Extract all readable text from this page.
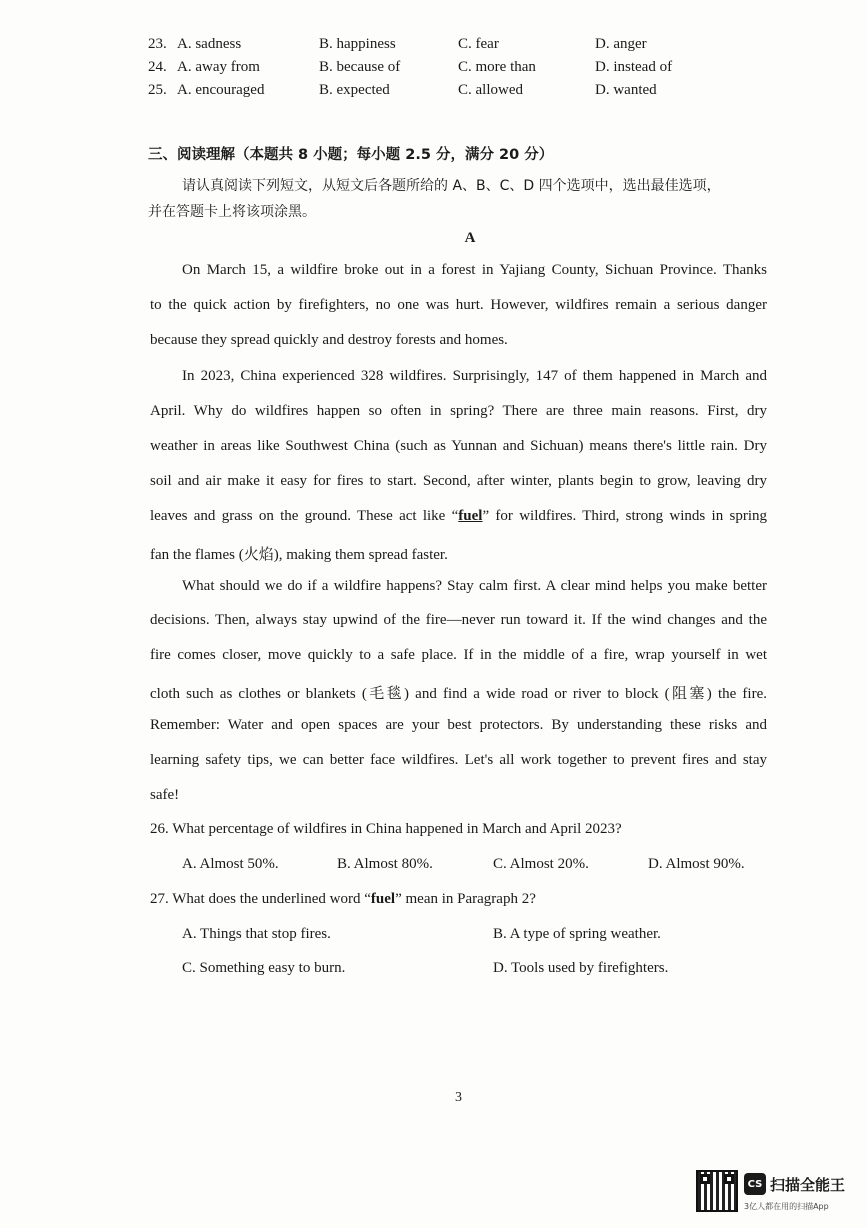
23. A. sadness	B. happiness	C. fear	D. anger
24. A. away from	B. because of	C. more than	D. instead of
25. A. encouraged	B. expected	C. allowed	D. wanted
三、阅读理解（本题共 8 小题；每小题 2.5 分，满分 20 分）
请认真阅读下列短文，从短文后各题所给的 A、B、C、D 四个选项中，选出最佳选项，
并在答题卡上将该项涂黑。
A
On March 15, a wildfire broke out in a forest in Yajiang County, Sichuan Province. Thanks
to the quick action by firefighters, no one was hurt. However, wildfires remain a serious danger
because they spread quickly and destroy forests and homes.
In 2023, China experienced 328 wildfires. Surprisingly, 147 of them happened in March and
April. Why do wildfires happen so often in spring? There are three main reasons. First, dry
weather in areas like Southwest China (such as Yunnan and Sichuan) means there's little rain. Dry
soil and air make it easy for fires to start. Second, after winter, plants begin to grow, leaving dry
leaves and grass on the ground. These act like “fuel” for wildfires. Third, strong winds in spring
fan the flames (火焰), making them spread faster.
What should we do if a wildfire happens? Stay calm first. A clear mind helps you make better
decisions. Then, always stay upwind of the fire—never run toward it. If the wind changes and the
fire comes closer, move quickly to a safe place. If in the middle of a fire, wrap yourself in wet
cloth such as clothes or blankets (毛毯) and find a wide road or river to block (阻塞) the fire.
Remember: Water and open spaces are your best protectors. By understanding these risks and
learning safety tips, we can better face wildfires. Let's all work together to prevent fires and stay
safe!
26. What percentage of wildfires in China happened in March and April 2023?
A. Almost 50%.	B. Almost 80%.	C. Almost 20%.	D. Almost 90%.
27. What does the underlined word “fuel” mean in Paragraph 2?
A. Things that stop fires.	B. A type of spring weather.
C. Something easy to burn.	D. Tools used by firefighters.
3
CS 扫描全能王
3亿人都在用的扫描App
